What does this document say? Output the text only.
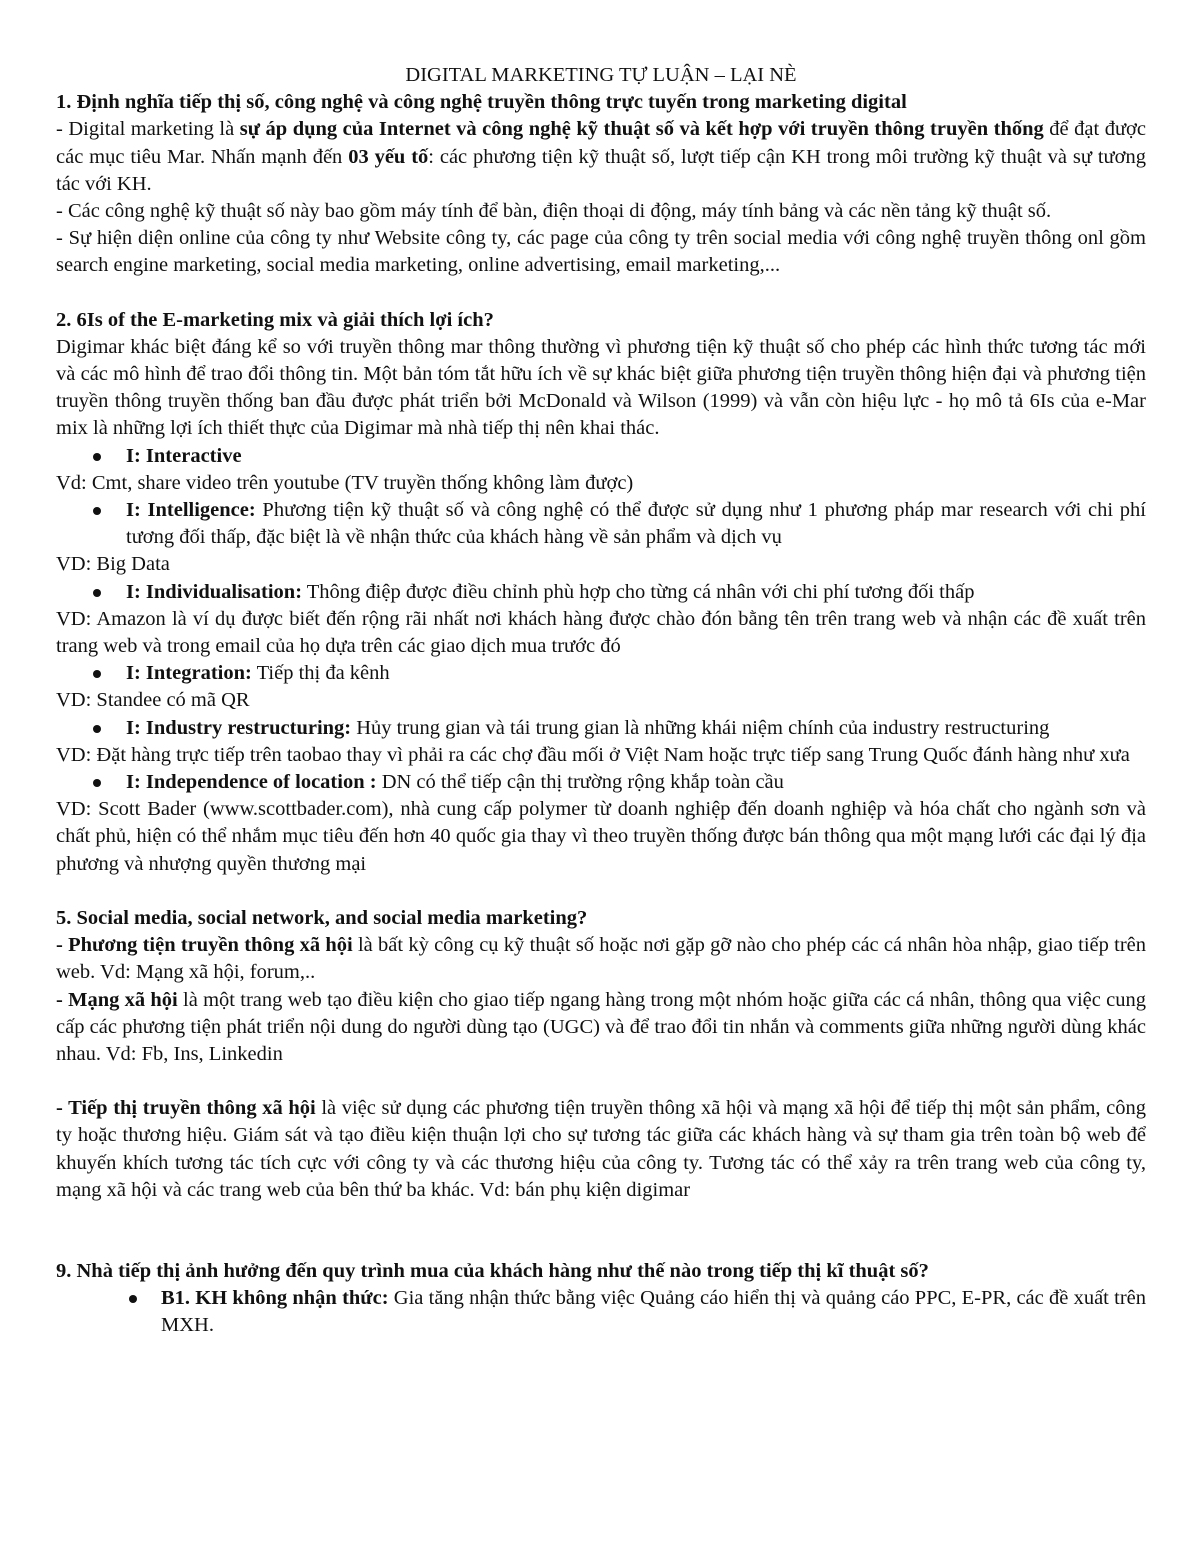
DIGITAL MARKETING TỰ LUẬN – LẠI NÈ

1. Định nghĩa tiếp thị số, công nghệ và công nghệ truyền thông trực tuyến trong marketing digital

- Digital marketing là sự áp dụng của Internet và công nghệ kỹ thuật số và kết hợp với truyền thông truyền thống để đạt được các mục tiêu Mar. Nhấn mạnh đến 03 yếu tố: các phương tiện kỹ thuật số, lượt tiếp cận KH trong môi trường kỹ thuật và sự tương tác với KH.

- Các công nghệ kỹ thuật số này bao gồm máy tính để bàn, điện thoại di động, máy tính bảng và các nền tảng kỹ thuật số.

- Sự hiện diện online của công ty như Website công ty, các page của công ty trên social media với công nghệ truyền thông onl gồm search engine marketing, social media marketing, online advertising, email marketing,...

2. 6Is of the E-marketing mix và giải thích lợi ích?

Digimar khác biệt đáng kể so với truyền thông mar thông thường vì phương tiện kỹ thuật số cho phép các hình thức tương tác mới và các mô hình để trao đổi thông tin. Một bản tóm tắt hữu ích về sự khác biệt giữa phương tiện truyền thông hiện đại và phương tiện truyền thông truyền thống ban đầu được phát triển bởi McDonald và Wilson (1999) và vẫn còn hiệu lực - họ mô tả 6Is của e-Mar mix là những lợi ích thiết thực của Digimar mà nhà tiếp thị nên khai thác.

I: Interactive

Vd: Cmt, share video trên youtube (TV truyền thống không làm được)

I: Intelligence: Phương tiện kỹ thuật số và công nghệ có thể được sử dụng như 1 phương pháp mar research với chi phí tương đối thấp, đặc biệt là về nhận thức của khách hàng về sản phẩm và dịch vụ

VD: Big Data

I: Individualisation: Thông điệp được điều chỉnh phù hợp cho từng cá nhân với chi phí tương đối thấp

VD: Amazon là ví dụ được biết đến rộng rãi nhất nơi khách hàng được chào đón bằng tên trên trang web và nhận các đề xuất trên trang web và trong email của họ dựa trên các giao dịch mua trước đó

I: Integration: Tiếp thị đa kênh

VD: Standee có mã QR

I: Industry restructuring: Hủy trung gian và tái trung gian là những khái niệm chính của industry restructuring

VD: Đặt hàng trực tiếp trên taobao thay vì phải ra các chợ đầu mối ở Việt Nam hoặc trực tiếp sang Trung Quốc đánh hàng như xưa

I: Independence of location : DN có thể tiếp cận thị trường rộng khắp toàn cầu

VD: Scott Bader (www.scottbader.com), nhà cung cấp polymer từ doanh nghiệp đến doanh nghiệp và hóa chất cho ngành sơn và chất phủ, hiện có thể nhắm mục tiêu đến hơn 40 quốc gia thay vì theo truyền thống được bán thông qua một mạng lưới các đại lý địa phương và nhượng quyền thương mại

5. Social media, social network, and social media marketing?

- Phương tiện truyền thông xã hội là bất kỳ công cụ kỹ thuật số hoặc nơi gặp gỡ nào cho phép các cá nhân hòa nhập, giao tiếp trên web. Vd: Mạng xã hội, forum,..

- Mạng xã hội là một trang web tạo điều kiện cho giao tiếp ngang hàng trong một nhóm hoặc giữa các cá nhân, thông qua việc cung cấp các phương tiện phát triển nội dung do người dùng tạo (UGC) và để trao đổi tin nhắn và comments giữa những người dùng khác nhau. Vd: Fb, Ins, Linkedin

- Tiếp thị truyền thông xã hội là việc sử dụng các phương tiện truyền thông xã hội và mạng xã hội để tiếp thị một sản phẩm, công ty hoặc thương hiệu. Giám sát và tạo điều kiện thuận lợi cho sự tương tác giữa các khách hàng và sự tham gia trên toàn bộ web để khuyến khích tương tác tích cực với công ty và các thương hiệu của công ty. Tương tác có thể xảy ra trên trang web của công ty, mạng xã hội và các trang web của bên thứ ba khác. Vd: bán phụ kiện digimar

9. Nhà tiếp thị ảnh hưởng đến quy trình mua của khách hàng như thế nào trong tiếp thị kĩ thuật số?

B1. KH không nhận thức: Gia tăng nhận thức bằng việc Quảng cáo hiển thị và quảng cáo PPC, E-PR, các đề xuất trên MXH.
